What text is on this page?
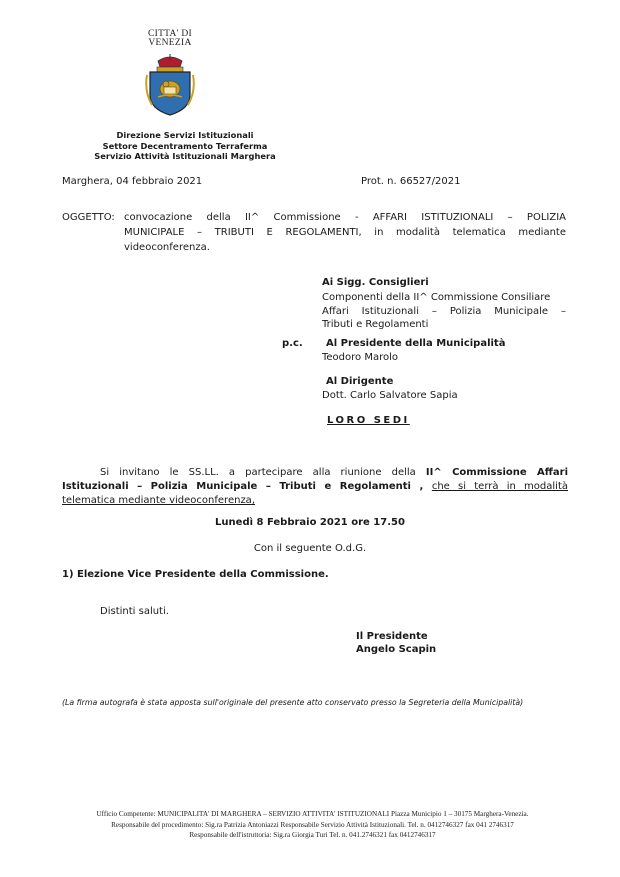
CITTA' DI
VENEZIA
Direzione Servizi Istituzionali
Settore Decentramento Terraferma
Servizio Attività Istituzionali Marghera
Marghera, 04 febbraio 2021	Prot. n. 66527/2021
OGGETTO: convocazione della II^ Commissione - AFFARI ISTITUZIONALI – POLIZIA
MUNICIPALE – TRIBUTI E REGOLAMENTI, in modalità telematica mediante
videoconferenza.
Ai Sigg. Consiglieri
Componenti della II^ Commissione Consiliare
Affari Istituzionali – Polizia Municipale –
Tributi e Regolamenti
p.c. Al Presidente della Municipalità
Teodoro Marolo
Al Dirigente
Dott. Carlo Salvatore Sapia
LORO SEDI
Si invitano le SS.LL. a partecipare alla riunione della II^ Commissione Affari
Istituzionali – Polizia Municipale – Tributi e Regolamenti , che si terrà in modalità
telematica mediante videoconferenza,
Lunedì 8 Febbraio 2021 ore 17.50
Con il seguente O.d.G.
1) Elezione Vice Presidente della Commissione.
Distinti saluti.
Il Presidente
Angelo Scapin
(La firma autografa è stata apposta sull'originale del presente atto conservato presso la Segreteria della Municipalità)
Ufficio Competente: MUNICIPALITA' DI MARGHERA – SERVIZIO ATTIVITA' ISTITUZIONALI Piazza Municipio 1 – 30175 Marghera-Venezia.
Responsabile del procedimento: Sig.ra Patrizia Antoniazzi Responsabile Servizio Attività Istituzionali. Tel. n. 0412746327 fax 041 2746317
Responsabile dell'istruttoria: Sig.ra Giorgia Turi Tel. n. 041.2746321 fax 0412746317
